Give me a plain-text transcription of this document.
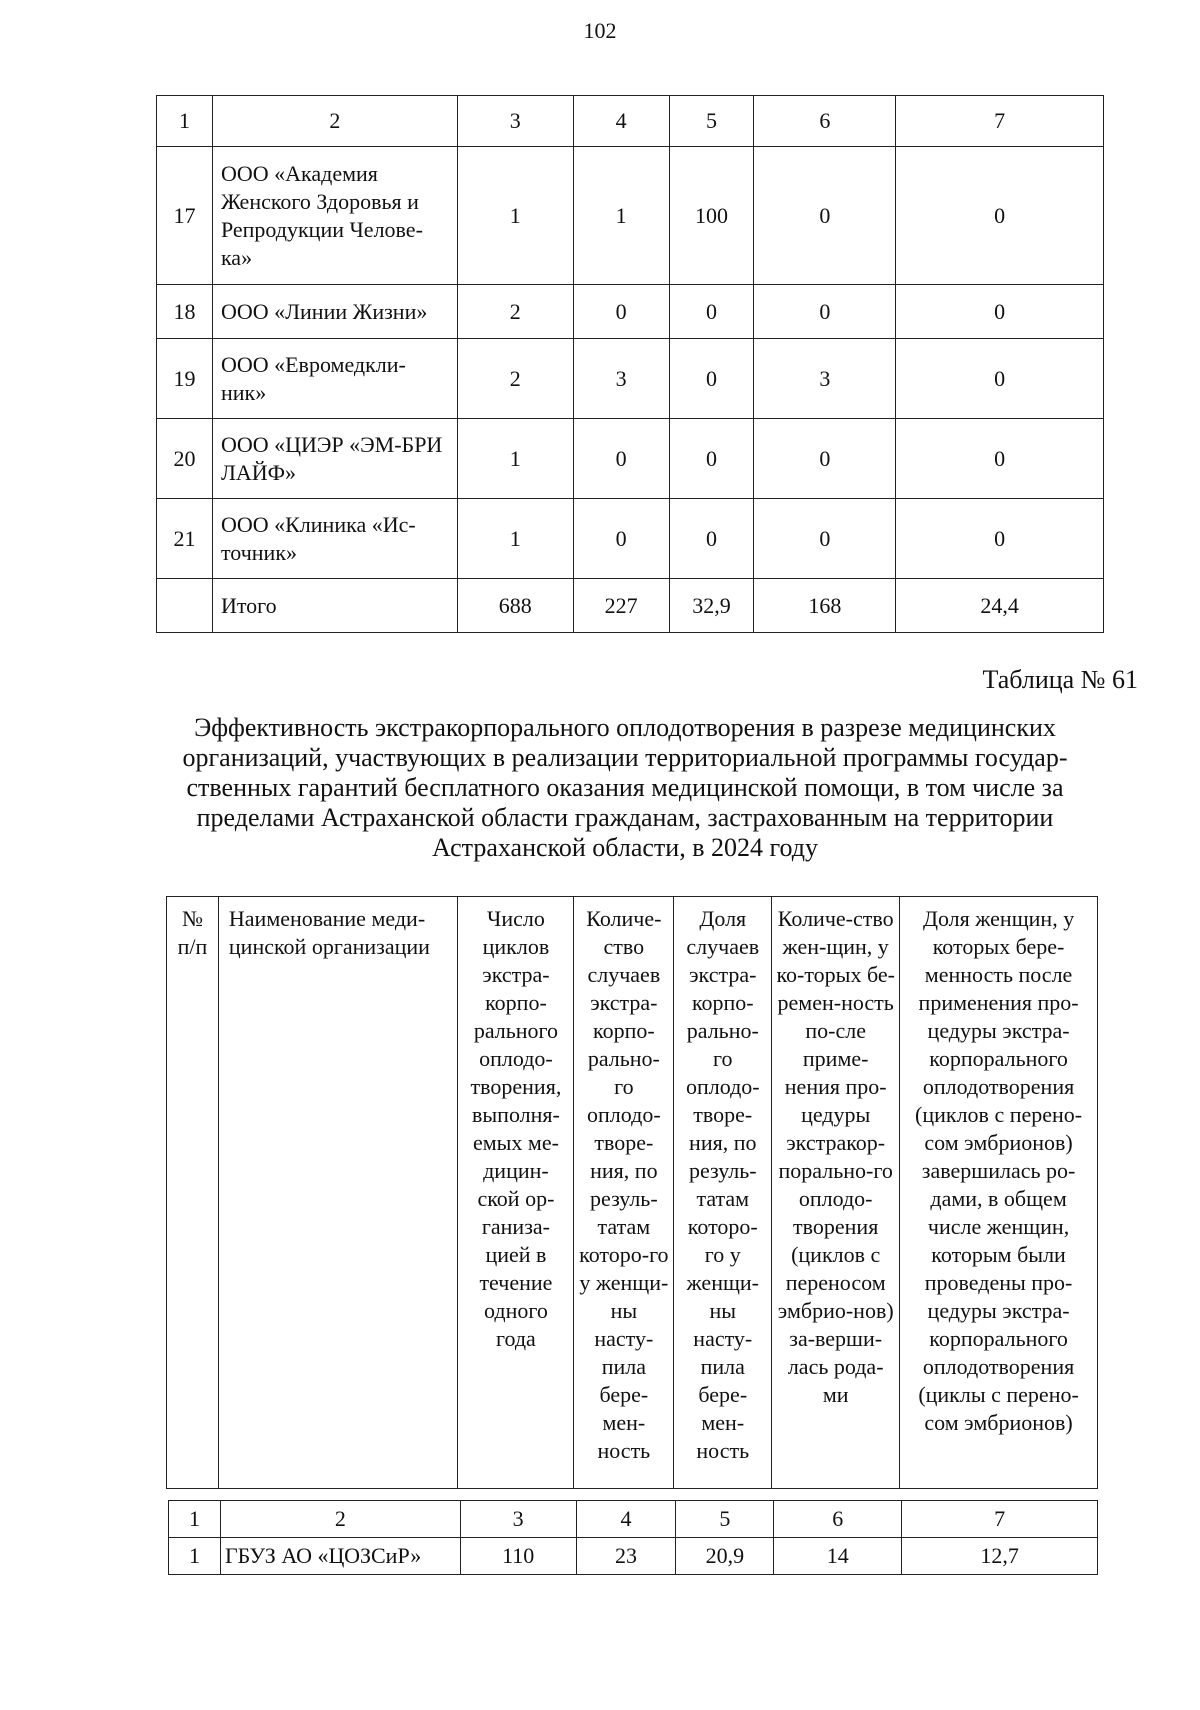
102
1	2	3	4	5	6	7
17	ООО «Академия Женского Здоровья и Репродукции Челове-ка»	1	1	100	0	0
18	ООО «Линии Жизни»	2	0	0	0	0
19	ООО «Евромедкли-ник»	2	3	0	3	0
20	ООО «ЦИЭР «ЭМ-БРИ ЛАЙФ»	1	0	0	0	0
21	ООО «Клиника «Ис-точник»	1	0	0	0	0
	Итого	688	227	32,9	168	24,4
Таблица № 61
Эффективность экстракорпорального оплодотворения в разрезе медицинских организаций, участвующих в реализации территориальной программы государ-ственных гарантий бесплатного оказания медицинской помощи, в том числе за пределами Астраханской области гражданам, застрахованным на территории Астраханской области, в 2024 году
№ п/п	Наименование меди-цинской организации	Число циклов экстра-корпо-рального оплодо-творения, выполня-емых ме-дицин-ской ор-ганиза-цией в течение одного года	Количе-ство случаев экстра-корпо-рально-го оплодо-творе-ния, по резуль-татам которо-го у женщи-ны насту-пила бере-мен-ность	Доля случаев экстра-корпо-рально-го оплодо-творе-ния, по резуль-татам которо-го у женщи-ны насту-пила бере-мен-ность	Количе-ство жен-щин, у ко-торых бе-ремен-ность по-сле приме-нения про-цедуры экстракор-порально-го оплодо-творения (циклов с переносом эмбрио-нов) за-верши-лась рода-ми	Доля женщин, у которых бере-менность после применения про-цедуры экстра-корпорального оплодотворения (циклов с перено-сом эмбрионов) завершилась ро-дами, в общем числе женщин, которым были проведены про-цедуры экстра-корпорального оплодотворения (циклы с перено-сом эмбрионов)
1	2	3	4	5	6	7
1	ГБУЗ АО «ЦОЗСиР»	110	23	20,9	14	12,7
